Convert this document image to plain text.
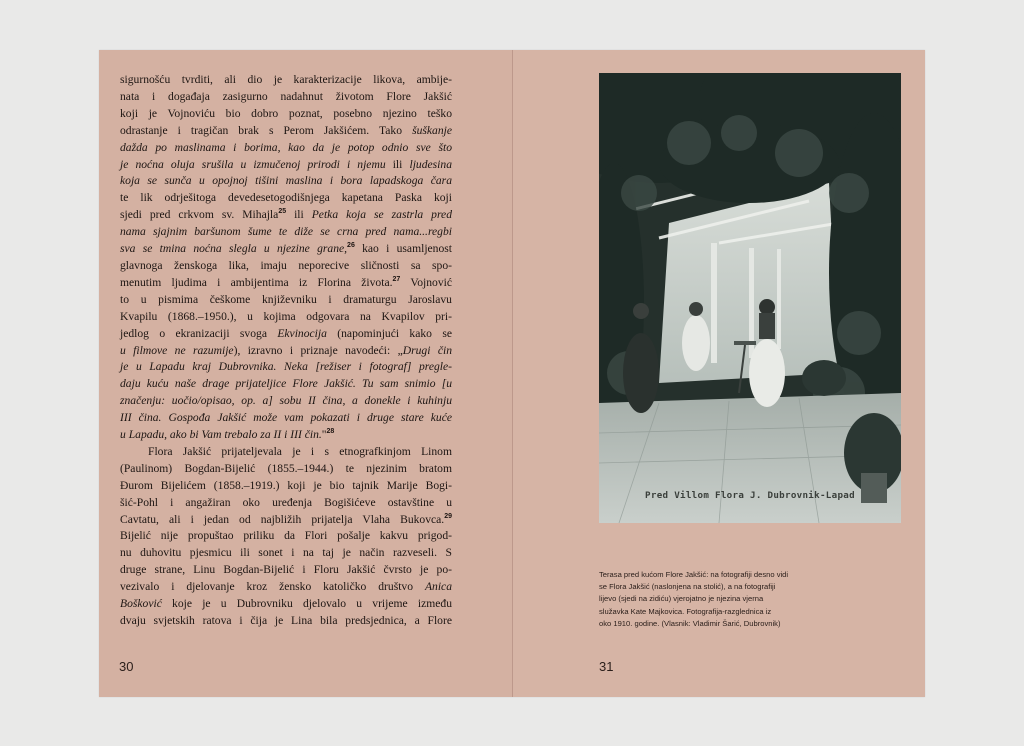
sigurnošću tvrditi, ali dio je karakterizacije likova, ambije-
nata i događaja zasigurno nadahnut životom Flore Jakšić
koji je Vojnoviću bio dobro poznat, posebno njezino teško
odrastanje i tragičan brak s Perom Jakšićem. Tako šuškanje
dažda po maslinama i borima, kao da je potop odnio sve što
je noćna oluja srušila u izmučenoj prirodi i njemu ili ljudesina
koja se sunča u opojnoj tišini maslina i bora lapadskoga čara
te lik odrješitoga devedesetogodišnjega kapetana Paska koji
sjedi pred crkvom sv. Mihajla$^{25}$ ili Petka koja se zastrla pred
nama sjajnim baršunom šume te diže se crna pred nama...regbi
sva se tmina noćna slegla u njezine grane,$^{26}$ kao i usamljenost
glavnoga ženskoga lika, imaju neporecive sličnosti sa spo-
menutim ljudima i ambijentima iz Florina života.$^{27}$ Vojnović
to u pismima češkome književniku i dramaturgu Jaroslavu
Kvapilu (1868.–1950.), u kojima odgovara na Kvapilov pri-
jedlog o ekranizaciji svoga Ekvinocija (napominjući kako se
u filmove ne razumije), izravno i priznaje navodeći: „Drugi čin
je u Lapadu kraj Dubrovnika. Neka [režiser i fotograf] pregle-
daju kuću naše drage prijateljice Flore Jakšić. Tu sam snimio [u
značenju: uočio/opisao, op. a] sobu II čina, a donekle i kuhinju
III čina. Gospođa Jakšić može vam pokazati i druge stare kuće
u Lapadu, ako bi Vam trebalo za II i III čin."$^{28}$
Flora Jakšić prijateljevala je i s etnografkinjom Linom
(Paulinom) Bogdan-Bijelić (1855.–1944.) te njezinim bratom
Đurom Bijelićem (1858.–1919.) koji je bio tajnik Marije Bogi-
šić-Pohl i angažiran oko uređenja Bogišićeve ostavštine u
Cavtatu, ali i jedan od najbližih prijatelja Vlaha Bukovca.$^{29}$
Bijelić nije propuštao priliku da Flori pošalje kakvu prigod-
nu duhovitu pjesmicu ili sonet i na taj je način razveseli. S
druge strane, Linu Bogdan-Bijelić i Floru Jakšić čvrsto je po-
vezivalo i djelovanje kroz žensko katoličko društvo Anica
Bošković koje je u Dubrovniku djelovalo u vrijeme između
dvaju svjetskih ratova i čija je Lina bila predsjednica, a Flore

30
Pred Villom Flora J. Dubrovnik-Lapad
Terasa pred kućom Flore Jakšić: na fotografiji desno vidi
se Flora Jakšić (naslonjena na stolić), a na fotografiji
lijevo (sjedi na zidiću) vjerojatno je njezina vjerna
služavka Kate Majkovica. Fotografija-razglednica iz
oko 1910. godine. (Vlasnik: Vladimir Šarić, Dubrovnik)
31
